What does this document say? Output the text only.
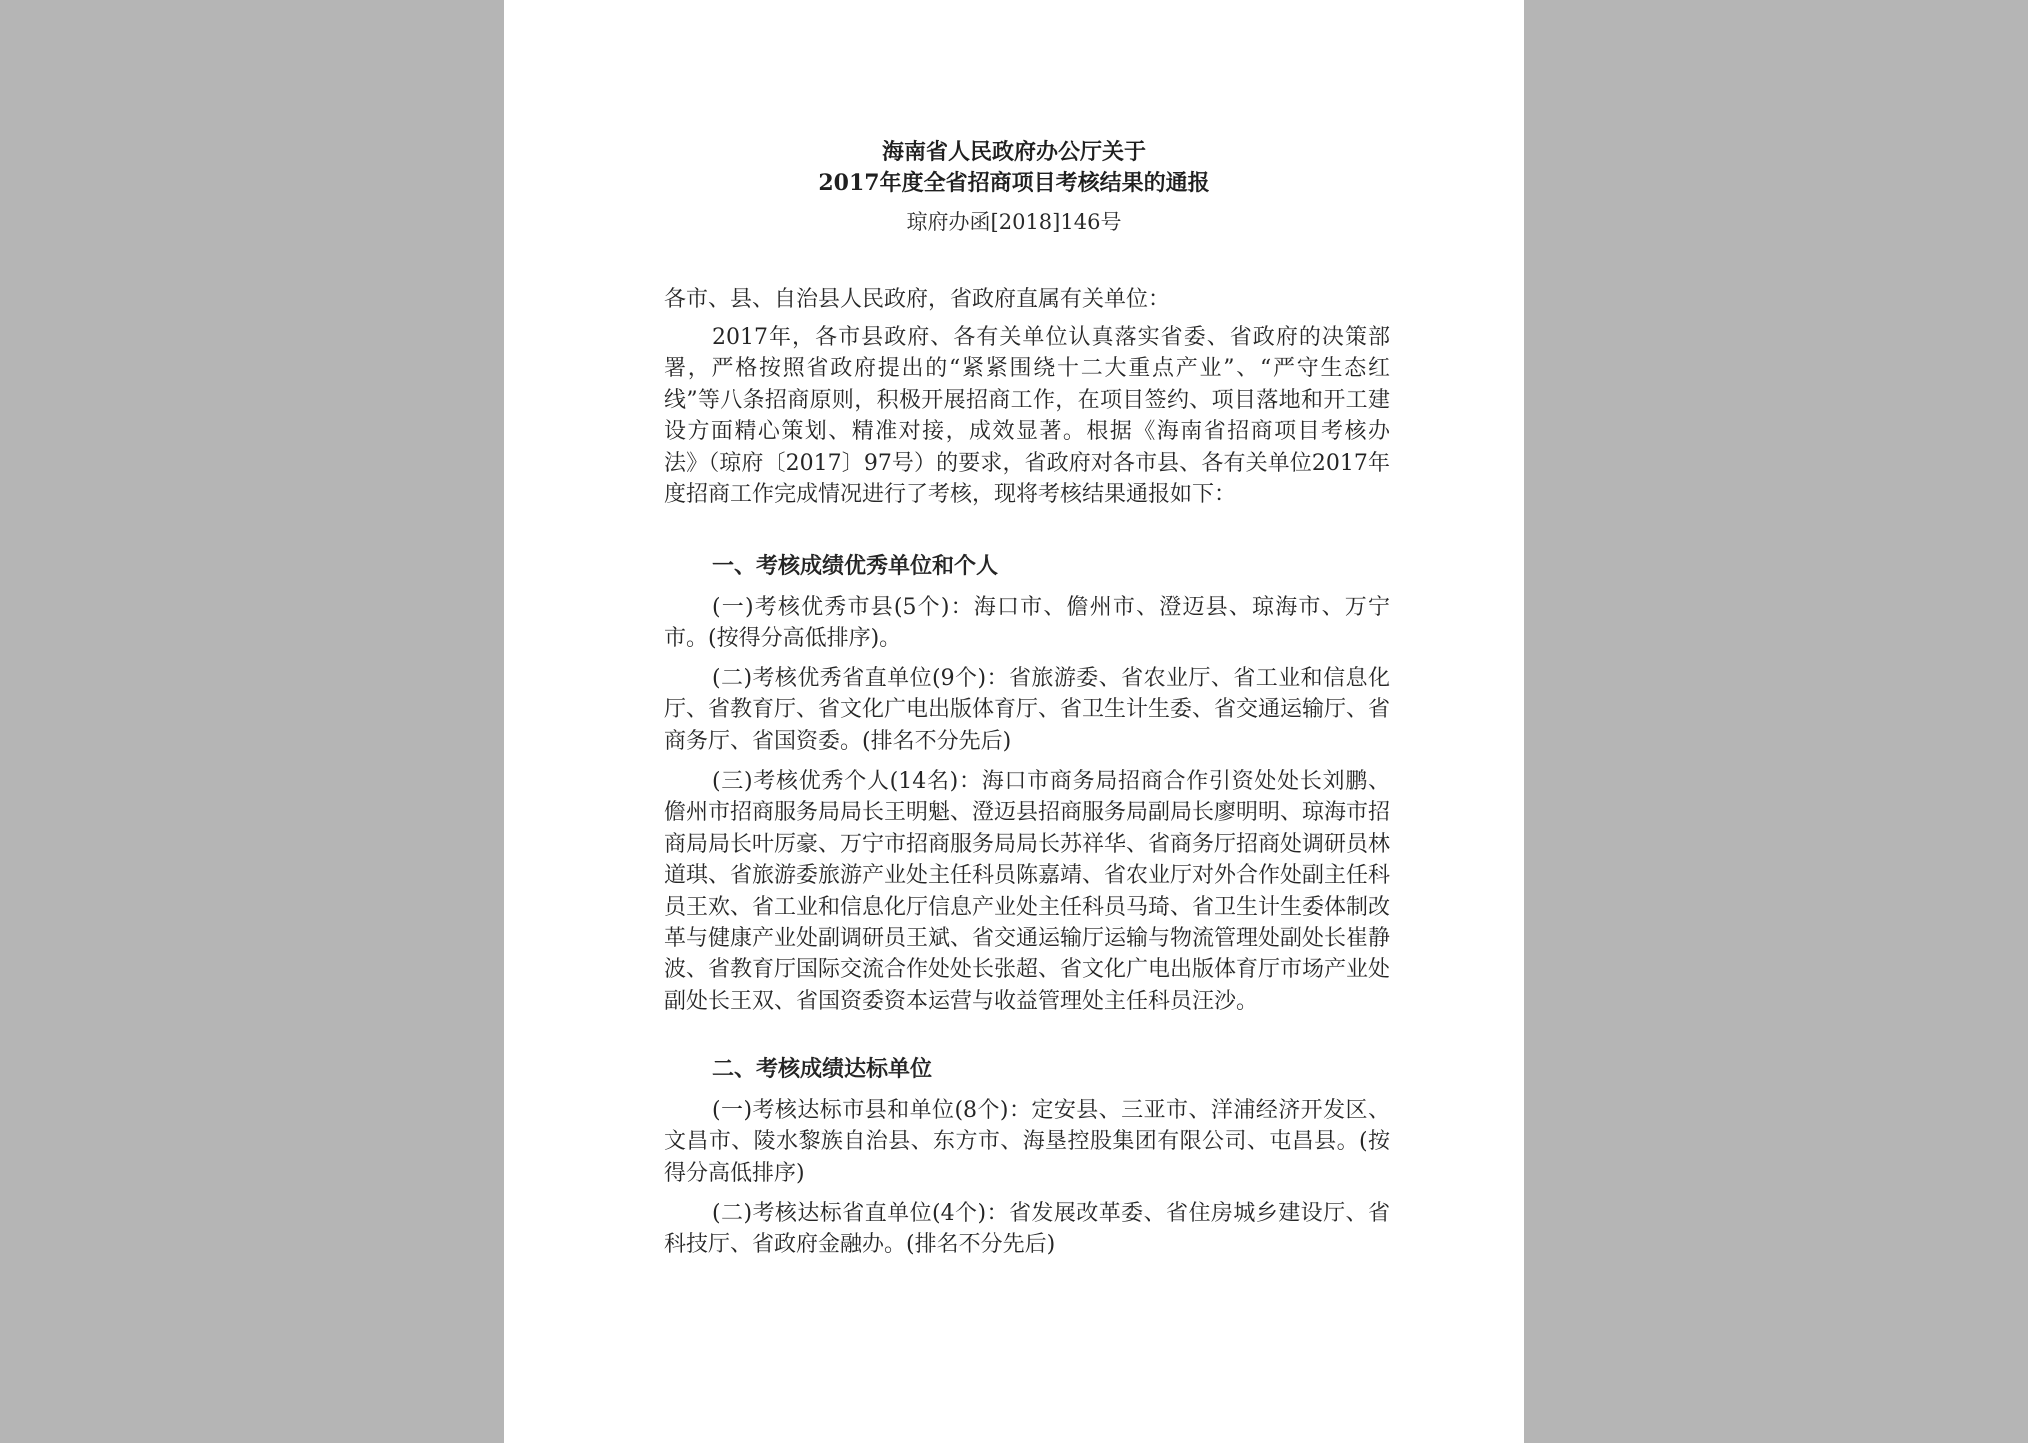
海南省人民政府办公厅关于
2017年度全省招商项目考核结果的通报
琼府办函[2018]146号

各市、县、自治县人民政府，省政府直属有关单位：

2017年，各市县政府、各有关单位认真落实省委、省政府的决策部署，严格按照省政府提出的“紧紧围绕十二大重点产业”、“严守生态红线”等八条招商原则，积极开展招商工作，在项目签约、项目落地和开工建设方面精心策划、精准对接，成效显著。根据《海南省招商项目考核办法》（琼府〔2017〕97号）的要求，省政府对各市县、各有关单位2017年度招商工作完成情况进行了考核，现将考核结果通报如下：

一、考核成绩优秀单位和个人

(一)考核优秀市县(5个)：海口市、儋州市、澄迈县、琼海市、万宁市。(按得分高低排序)。

(二)考核优秀省直单位(9个)：省旅游委、省农业厅、省工业和信息化厅、省教育厅、省文化广电出版体育厅、省卫生计生委、省交通运输厅、省商务厅、省国资委。(排名不分先后)

(三)考核优秀个人(14名)：海口市商务局招商合作引资处处长刘鹏、儋州市招商服务局局长王明魁、澄迈县招商服务局副局长廖明明、琼海市招商局局长叶厉豪、万宁市招商服务局局长苏祥华、省商务厅招商处调研员林道琪、省旅游委旅游产业处主任科员陈嘉靖、省农业厅对外合作处副主任科员王欢、省工业和信息化厅信息产业处主任科员马琦、省卫生计生委体制改革与健康产业处副调研员王斌、省交通运输厅运输与物流管理处副处长崔静波、省教育厅国际交流合作处处长张超、省文化广电出版体育厅市场产业处副处长王双、省国资委资本运营与收益管理处主任科员汪沙。

二、考核成绩达标单位

(一)考核达标市县和单位(8个)：定安县、三亚市、洋浦经济开发区、文昌市、陵水黎族自治县、东方市、海垦控股集团有限公司、屯昌县。(按得分高低排序)

(二)考核达标省直单位(4个)：省发展改革委、省住房城乡建设厅、省科技厅、省政府金融办。(排名不分先后)
